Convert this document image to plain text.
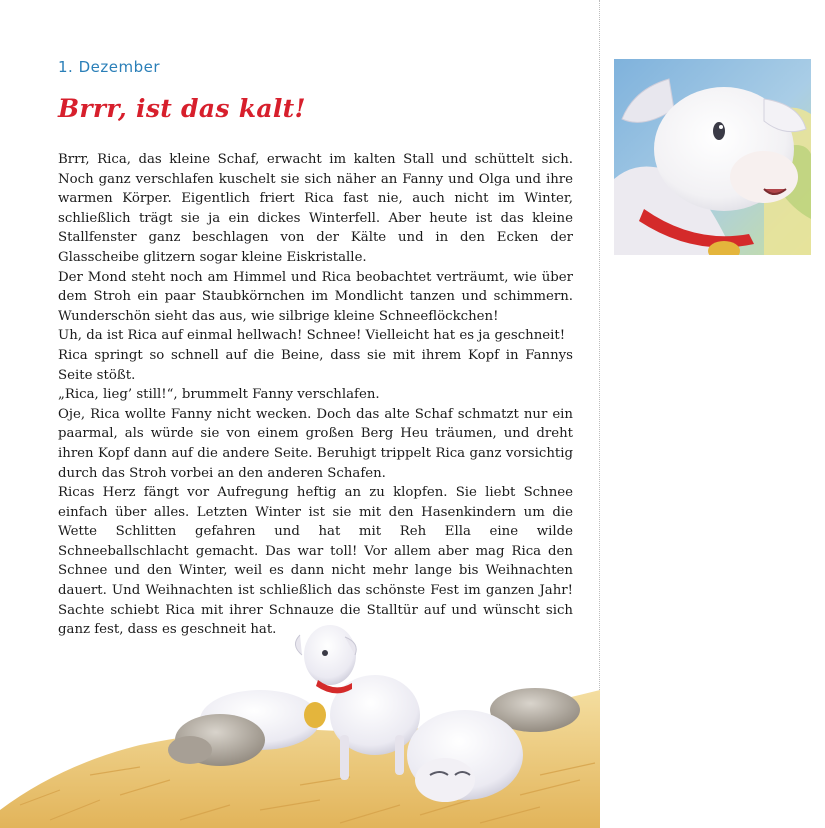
1. Dezember
Brrr, ist das kalt!

Brrr, Rica, das kleine Schaf, erwacht im kalten Stall und schüttelt sich. Noch ganz verschlafen kuschelt sie sich näher an Fanny und Olga und ihre warmen Körper. Eigentlich friert Rica fast nie, auch nicht im Winter, schließlich trägt sie ja ein dickes Winterfell. Aber heute ist das kleine Stallfenster ganz beschlagen von der Kälte und in den Ecken der Glasscheibe glitzern sogar kleine Eiskristalle.

Der Mond steht noch am Himmel und Rica beobachtet verträumt, wie über dem Stroh ein paar Staubkörnchen im Mondlicht tanzen und schimmern. Wunderschön sieht das aus, wie silbrige kleine Schneeflöckchen!

Uh, da ist Rica auf einmal hellwach! Schnee! Vielleicht hat es ja geschneit!

Rica springt so schnell auf die Beine, dass sie mit ihrem Kopf in Fannys Seite stößt.

„Rica, lieg’ still!“, brummelt Fanny verschlafen.

Oje, Rica wollte Fanny nicht wecken. Doch das alte Schaf schmatzt nur ein paarmal, als würde sie von einem großen Berg Heu träumen, und dreht ihren Kopf dann auf die andere Seite. Beruhigt trippelt Rica ganz vorsichtig durch das Stroh vorbei an den anderen Schafen.

Ricas Herz fängt vor Aufregung heftig an zu klopfen. Sie liebt Schnee einfach über alles. Letzten Winter ist sie mit den Hasenkindern um die Wette Schlitten gefahren und hat mit Reh Ella eine wilde Schneeballschlacht gemacht. Das war toll! Vor allem aber mag Rica den Schnee und den Winter, weil es dann nicht mehr lange bis Weihnachten dauert. Und Weihnachten ist schließlich das schönste Fest im ganzen Jahr! Sachte schiebt Rica mit ihrer Schnauze die Stalltür auf und wünscht sich ganz fest, dass es geschneit hat.
